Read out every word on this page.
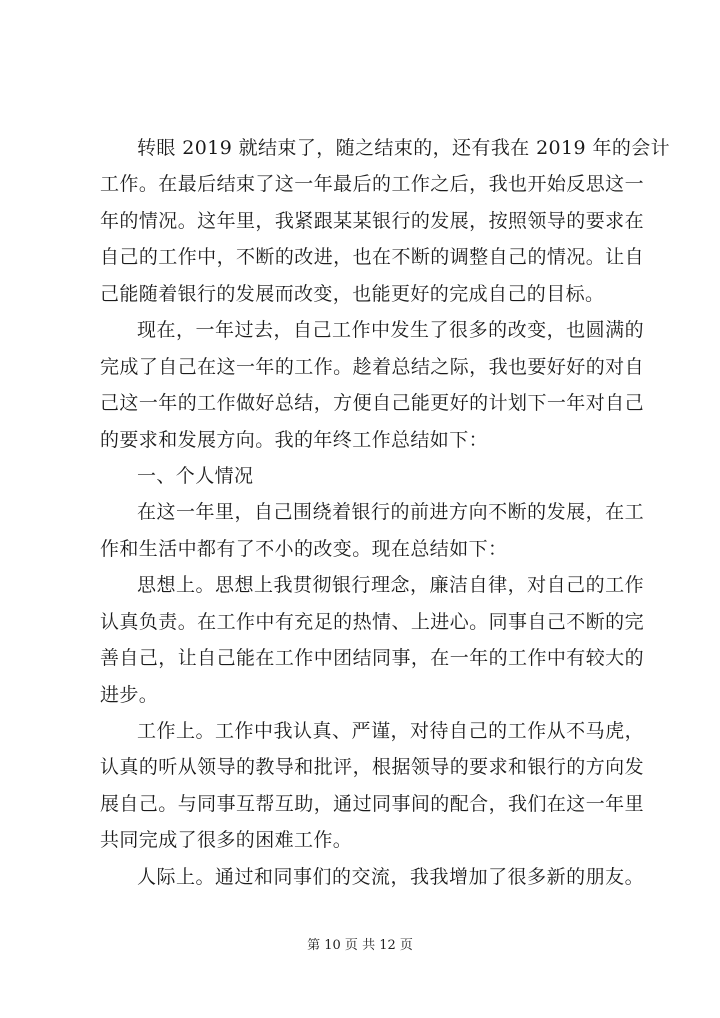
转眼 2019 就结束了，随之结束的，还有我在 2019 年的会计
工作。在最后结束了这一年最后的工作之后，我也开始反思这一
年的情况。这年里，我紧跟某某银行的发展，按照领导的要求在
自己的工作中，不断的改进，也在不断的调整自己的情况。让自
己能随着银行的发展而改变，也能更好的完成自己的目标。
现在，一年过去，自己工作中发生了很多的改变，也圆满的
完成了自己在这一年的工作。趁着总结之际，我也要好好的对自
己这一年的工作做好总结，方便自己能更好的计划下一年对自己
的要求和发展方向。我的年终工作总结如下：
一、个人情况
在这一年里，自己围绕着银行的前进方向不断的发展，在工
作和生活中都有了不小的改变。现在总结如下：
思想上。思想上我贯彻银行理念，廉洁自律，对自己的工作
认真负责。在工作中有充足的热情、上进心。同事自己不断的完
善自己，让自己能在工作中团结同事，在一年的工作中有较大的
进步。
工作上。工作中我认真、严谨，对待自己的工作从不马虎，
认真的听从领导的教导和批评，根据领导的要求和银行的方向发
展自己。与同事互帮互助，通过同事间的配合，我们在这一年里
共同完成了很多的困难工作。
人际上。通过和同事们的交流，我我增加了很多新的朋友。
第 10 页 共 12 页
